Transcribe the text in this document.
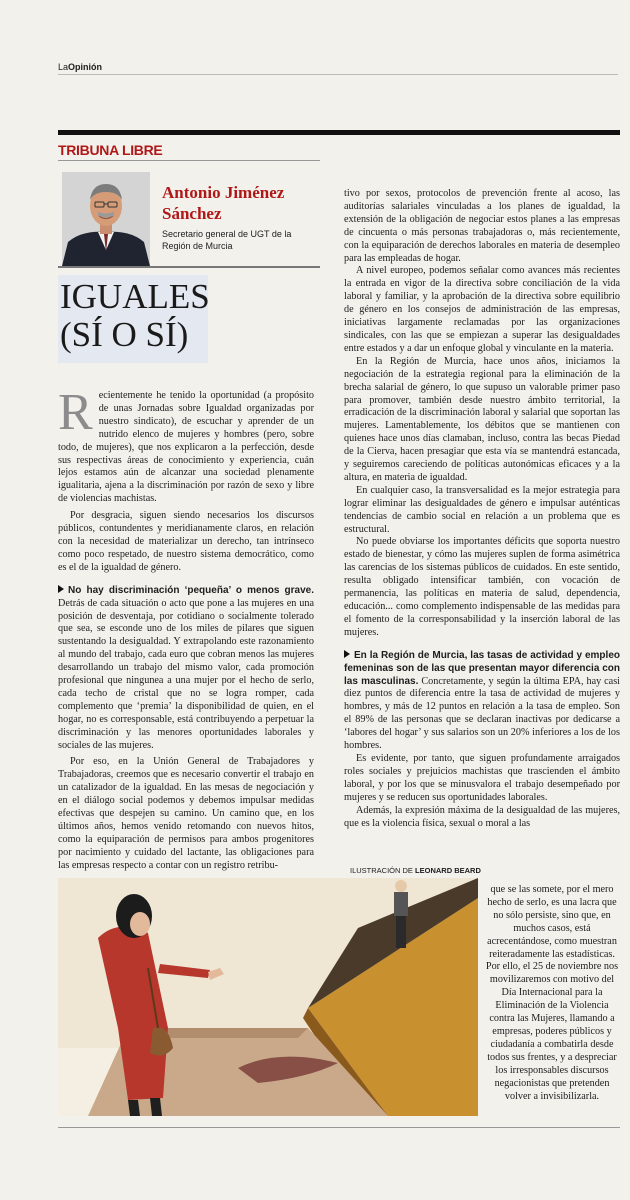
LaOpinión
TRIBUNA LIBRE
Antonio Jiménez Sánchez
Secretario general de UGT de la Región de Murcia
IGUALES
(SÍ O SÍ)

Recientemente he tenido la oportunidad (a propósito de unas Jornadas sobre Igualdad organizadas por nuestro sindicato), de escuchar y aprender de un nutrido elenco de mujeres y hombres (pero, sobre todo, de mujeres), que nos explicaron a la perfección, desde sus respectivas áreas de conocimiento y experiencia, cuán lejos estamos aún de alcanzar una sociedad plenamente igualitaria, ajena a la discriminación por razón de sexo y libre de violencias machistas.

Por desgracia, siguen siendo necesarios los discursos públicos, contundentes y meridianamente claros, en relación con la necesidad de materializar un derecho, tan intrínseco como poco respetado, de nuestro sistema democrático, como es el de la igualdad de género.

No hay discriminación ‘pequeña’ o menos grave. Detrás de cada situación o acto que pone a las mujeres en una posición de desventaja, por cotidiano o socialmente tolerado que sea, se esconde uno de los miles de pilares que siguen sustentando la desigualdad. Y extrapolando este razonamiento al mundo del trabajo, cada euro que cobran menos las mujeres desarrollando un trabajo del mismo valor, cada promoción profesional que ningunea a una mujer por el hecho de serlo, cada techo de cristal que no se logra romper, cada complemento que ‘premia’ la disponibilidad de quien, en el hogar, no es corresponsable, está contribuyendo a perpetuar la discriminación y las menores oportunidades laborales y sociales de las mujeres.

Por eso, en la Unión General de Trabajadores y Trabajadoras, creemos que es necesario convertir el trabajo en un catalizador de la igualdad. En las mesas de negociación y en el diálogo social podemos y debemos impulsar medidas efectivas que despejen su camino. Un camino que, en los últimos años, hemos venido retomando con nuevos hitos, como la equiparación de permisos para ambos progenitores por nacimiento y cuidado del lactante, las obligaciones para las empresas respecto a contar con un registro retribu-

tivo por sexos, protocolos de prevención frente al acoso, las auditorías salariales vinculadas a los planes de igualdad, la extensión de la obligación de negociar estos planes a las empresas de cincuenta o más personas trabajadoras o, más recientemente, con la equiparación de derechos laborales en materia de desempleo para las empleadas de hogar.

A nivel europeo, podemos señalar como avances más recientes la entrada en vigor de la directiva sobre conciliación de la vida laboral y familiar, y la aprobación de la directiva sobre equilibrio de género en los consejos de administración de las empresas, iniciativas largamente reclamadas por las organizaciones sindicales, con las que se empiezan a superar las desigualdades entre estados y a dar un enfoque global y vinculante en la materia.

En la Región de Murcia, hace unos años, iniciamos la negociación de la estrategia regional para la eliminación de la brecha salarial de género, lo que supuso un valorable primer paso para promover, también desde nuestro ámbito territorial, la erradicación de la discriminación laboral y salarial que soportan las mujeres. Lamentablemente, los débitos que se mantienen con quienes hace unos días clamaban, incluso, contra las becas Piedad de la Cierva, hacen presagiar que esta vía se mantendrá estancada, y seguiremos careciendo de políticas autonómicas eficaces y a la altura, en materia de igualdad.

En cualquier caso, la transversalidad es la mejor estrategia para lograr eliminar las desigualdades de género e impulsar auténticas tendencias de cambio social en relación a un problema que es estructural.

No puede obviarse los importantes déficits que soporta nuestro estado de bienestar, y cómo las mujeres suplen de forma asimétrica las carencias de los sistemas públicos de cuidados. En este sentido, resulta obligado intensificar también, con vocación de permanencia, las políticas en materia de salud, dependencia, educación... como complemento indispensable de las medidas para el fomento de la corresponsabilidad y la inserción laboral de las mujeres.

En la Región de Murcia, las tasas de actividad y empleo femeninas son de las que presentan mayor diferencia con las masculinas. Concretamente, y según la última EPA, hay casi diez puntos de diferencia entre la tasa de actividad de mujeres y hombres, y más de 12 puntos en relación a la tasa de empleo. Son el 89% de las personas que se declaran inactivas por dedicarse a ‘labores del hogar’ y sus salarios son un 20% inferiores a los de los hombres.

Es evidente, por tanto, que siguen profundamente arraigados roles sociales y prejuicios machistas que trascienden el ámbito laboral, y por los que se minusvalora el trabajo desempeñado por mujeres y se reducen sus oportunidades laborales.

Además, la expresión máxima de la desigualdad de las mujeres, que es la violencia física, sexual o moral a las

que se las somete, por el mero hecho de serlo, es una lacra que no sólo persiste, sino que, en muchos casos, está acrecentándose, como muestran reiteradamente las estadísticas. Por ello, el 25 de noviembre nos movilizaremos con motivo del Día Internacional para la Eliminación de la Violencia contra las Mujeres, llamando a empresas, poderes públicos y ciudadanía a combatirla desde todos sus frentes, y a despreciar los irresponsables discursos negacionistas que pretenden volver a invisibilizarla.

ILUSTRACIÓN DE LEONARD BEARD
